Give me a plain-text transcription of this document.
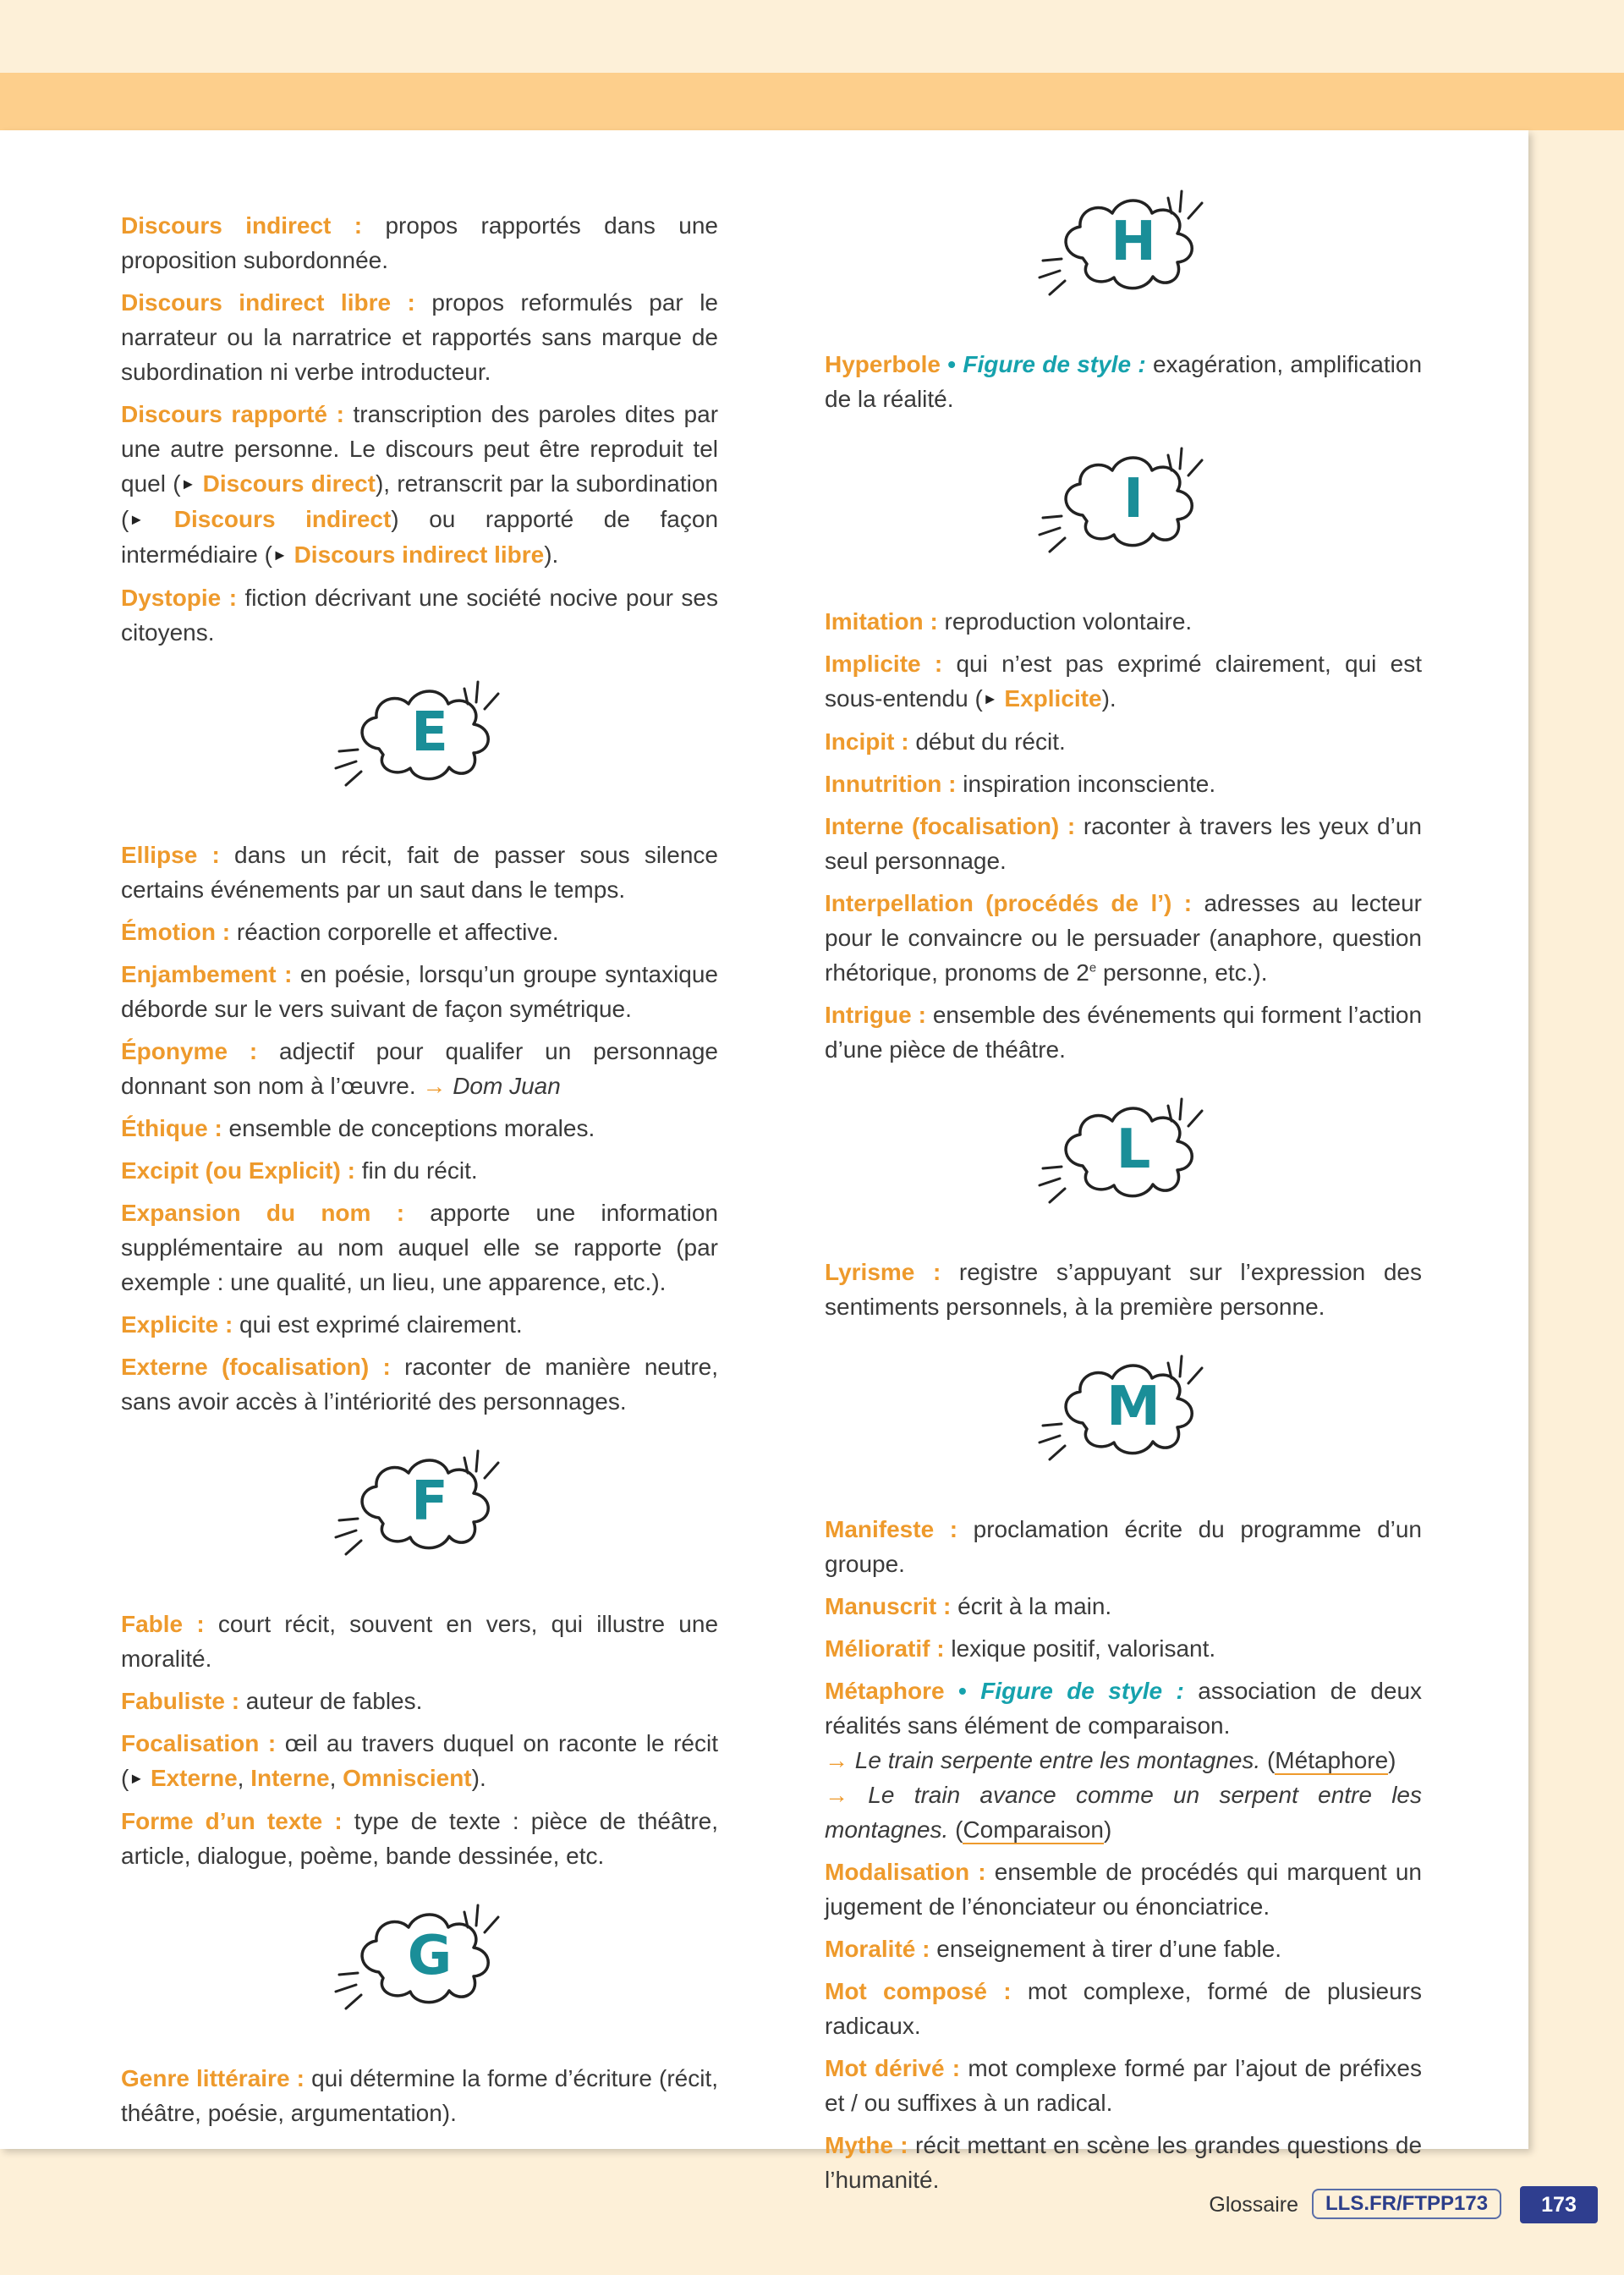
Discours indirect : propos rapportés dans une proposition subordonnée.

Discours indirect libre : propos reformulés par le narrateur ou la narratrice et rapportés sans marque de subordination ni verbe introducteur.

Discours rapporté : transcription des paroles dites par une autre personne. Le discours peut être reproduit tel quel (► Discours direct), retranscrit par la subordination (► Discours indirect) ou rapporté de façon intermédiaire (► Discours indirect libre).

Dystopie : fiction décrivant une société nocive pour ses citoyens.

E

Ellipse : dans un récit, fait de passer sous silence certains événements par un saut dans le temps.

Émotion : réaction corporelle et affective.

Enjambement : en poésie, lorsqu’un groupe syntaxique déborde sur le vers suivant de façon symétrique.

Éponyme : adjectif pour qualifer un personnage donnant son nom à l’œuvre. → Dom Juan

Éthique : ensemble de conceptions morales.

Excipit (ou Explicit) : fin du récit.

Expansion du nom : apporte une information supplémentaire au nom auquel elle se rapporte (par exemple : une qualité, un lieu, une apparence, etc.).

Explicite : qui est exprimé clairement.

Externe (focalisation) : raconter de manière neutre, sans avoir accès à l’intériorité des personnages.

F

Fable : court récit, souvent en vers, qui illustre une moralité.

Fabuliste : auteur de fables.

Focalisation : œil au travers duquel on raconte le récit (► Externe, Interne, Omniscient).

Forme d’un texte : type de texte : pièce de théâtre, article, dialogue, poème, bande dessinée, etc.

G

Genre littéraire : qui détermine la forme d’écriture (récit, théâtre, poésie, argumentation).

H

Hyperbole • Figure de style : exagération, amplification de la réalité.

I

Imitation : reproduction volontaire.

Implicite : qui n’est pas exprimé clairement, qui est sous-entendu (► Explicite).

Incipit : début du récit.

Innutrition : inspiration inconsciente.

Interne (focalisation) : raconter à travers les yeux d’un seul personnage.

Interpellation (procédés de l’) : adresses au lecteur pour le convaincre ou le persuader (anaphore, question rhétorique, pronoms de 2e personne, etc.).

Intrigue : ensemble des événements qui forment l’action d’une pièce de théâtre.

L

Lyrisme : registre s’appuyant sur l’expression des sentiments personnels, à la première personne.

M

Manifeste : proclamation écrite du programme d’un groupe.

Manuscrit : écrit à la main.

Mélioratif : lexique positif, valorisant.

Métaphore • Figure de style : association de deux réalités sans élément de comparaison.
→ Le train serpente entre les montagnes. (Métaphore)
→ Le train avance comme un serpent entre les montagnes. (Comparaison)

Modalisation : ensemble de procédés qui marquent un jugement de l’énonciateur ou énonciatrice.

Moralité : enseignement à tirer d’une fable.

Mot composé : mot complexe, formé de plusieurs radicaux.

Mot dérivé : mot complexe formé par l’ajout de préfixes et / ou suffixes à un radical.

Mythe : récit mettant en scène les grandes questions de l’humanité.

Glossaire	LLS.FR/FTPP173	173
